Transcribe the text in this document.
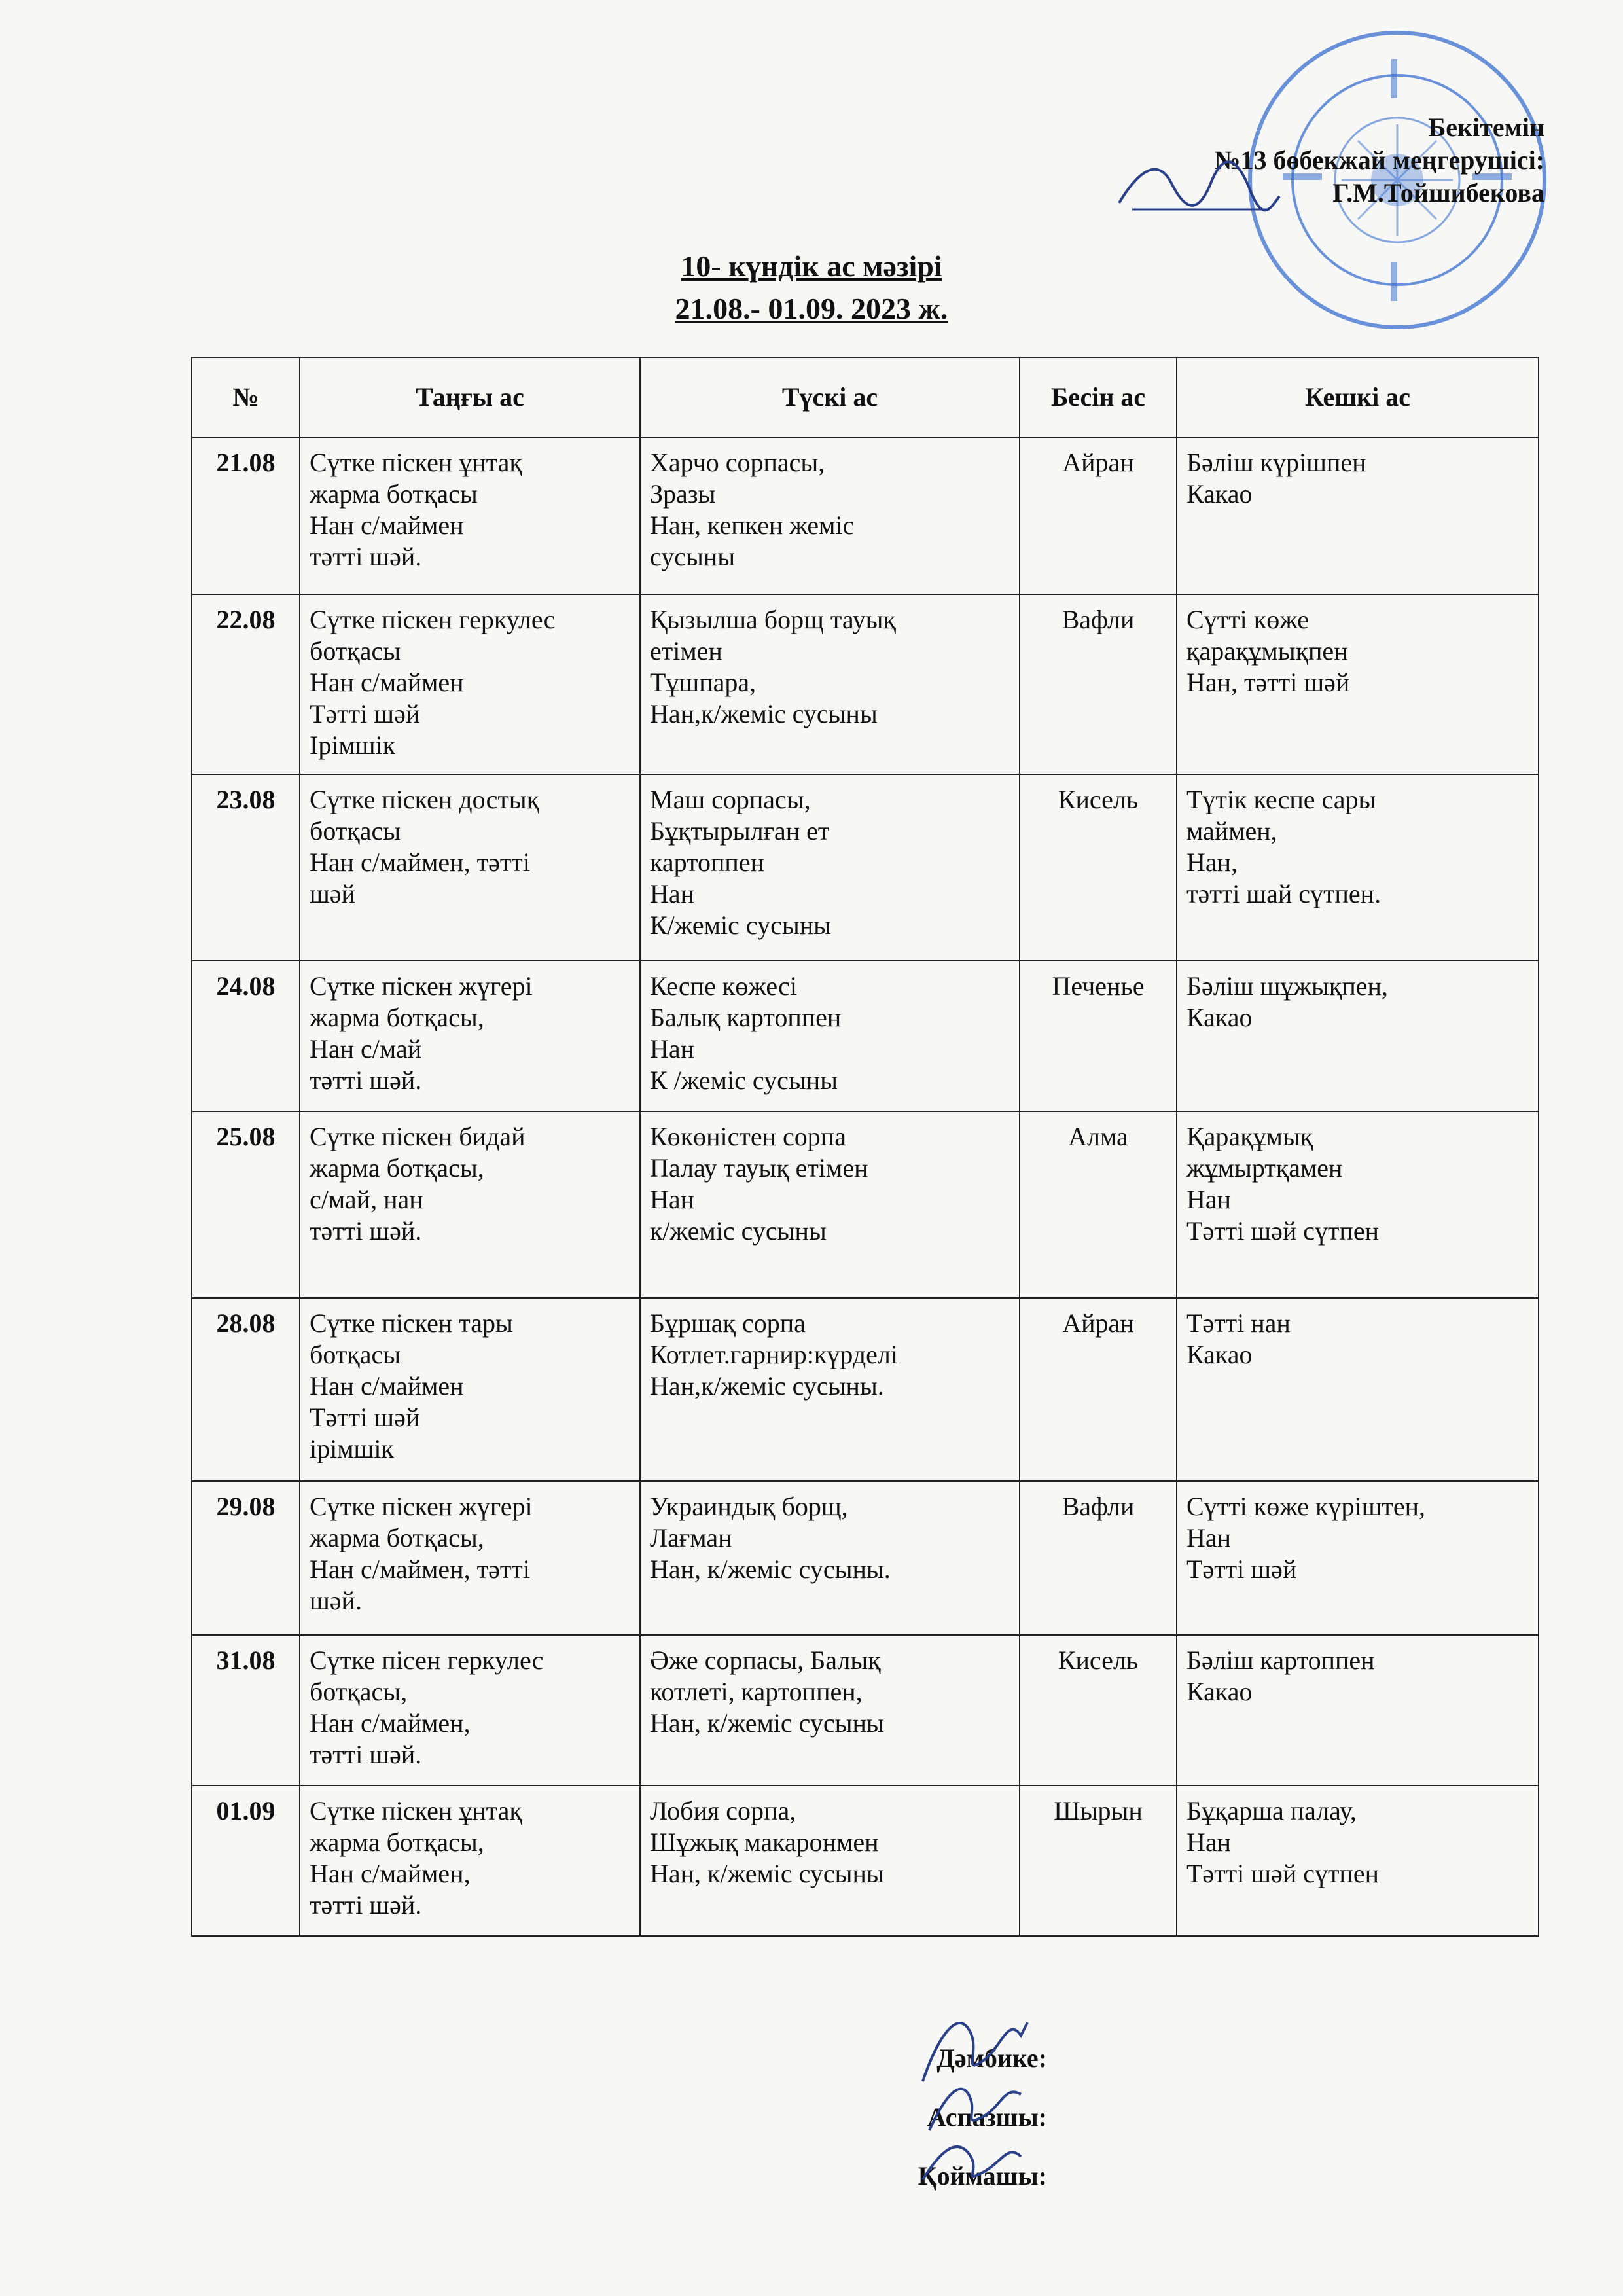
Бекітемін
№13 бөбекжай меңгерушісі:
Г.М.Тойшибекова
10- күндік ас мәзірі
21.08.- 01.09. 2023 ж.
№	Таңғы ас	Түскі ас	Бесін ас	Кешкі ас
21.08	Сүтке піскен ұнтақ
жарма ботқасы
Нан с/маймен
тәтті шәй.	Харчо сорпасы,
Зразы
Нан, кепкен жеміс
сусыны	Айран	Бәліш күрішпен
Какао

22.08	Сүтке піскен геркулес
ботқасы
Нан с/маймен
Тәтті шәй
Ірімшік	Қызылша борщ тауық
етімен
Тұшпара,
Нан,к/жеміс сусыны	Вафли	Сүтті көже
қарақұмықпен
Нан, тәтті шәй

23.08	Сүтке піскен достық
ботқасы
Нан с/маймен, тәтті
шәй	Маш сорпасы,
Бұқтырылған ет
картоппен
Нан
К/жеміс сусыны	Кисель	Түтік кеспе сары
маймен,
Нан,
тәтті шай сүтпен.

24.08	Сүтке піскен жүгері
жарма ботқасы,
Нан с/май
тәтті шәй.	Кеспе көжесі
Балық картоппен
Нан
К /жеміс сусыны	Печенье	Бәліш шұжықпен,
Какао

25.08	Сүтке піскен бидай
жарма ботқасы,
с/май, нан
тәтті шәй.	Көкөністен сорпа
Палау тауық етімен
Нан
к/жеміс сусыны	Алма	Қарақұмық
жұмыртқамен
Нан
Тәтті шәй сүтпен

28.08	Сүтке піскен тары
ботқасы
Нан с/маймен
Тәтті шәй
ірімшік	Бұршақ сорпа
Котлет.гарнир:күрделі
Нан,к/жеміс сусыны.	Айран	Тәтті нан
Какао

29.08	Сүтке піскен жүгері
жарма ботқасы,
Нан с/маймен, тәтті
шәй.	Украиндық борщ,
Лағман
Нан, к/жеміс сусыны.	Вафли	Сүтті көже күріштен,
Нан
Тәтті шәй

31.08	Сүтке пісен геркулес
ботқасы,
Нан с/маймен,
тәтті шәй.	Әже сорпасы, Балық
котлеті, картоппен,
Нан, к/жеміс сусыны	Кисель	Бәліш картоппен
Какао

01.09	Сүтке піскен ұнтақ
жарма ботқасы,
Нан с/маймен,
тәтті шәй.	Лобия сорпа,
Шұжық макаронмен
Нан, к/жеміс сусыны	Шырын	Бұқарша палау,
Нан
Тәтті шәй сүтпен
Дәмбике:
Аспазшы:
Қоймашы:
